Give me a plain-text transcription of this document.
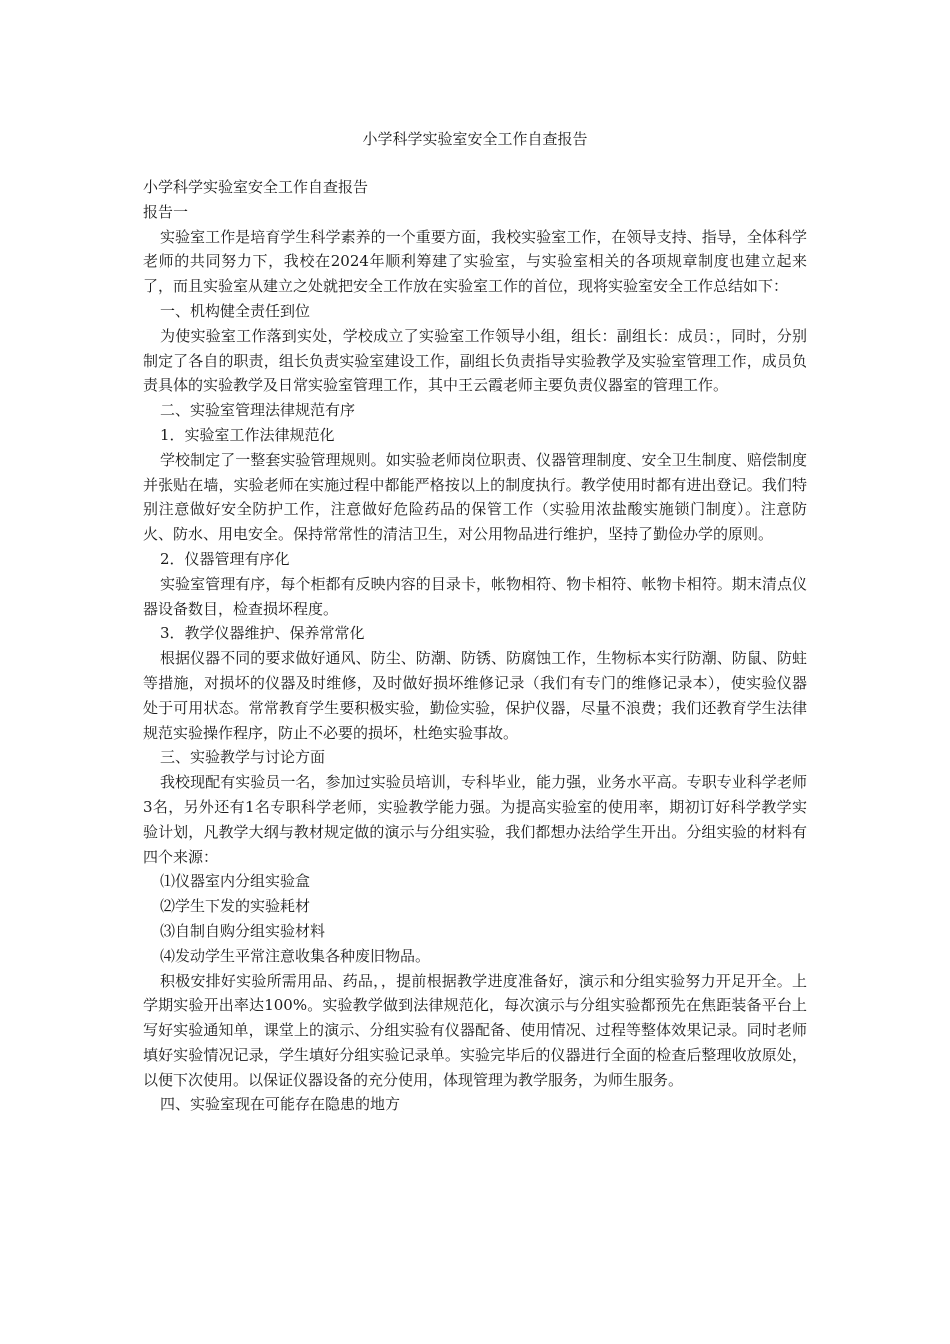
小学科学实验室安全工作自查报告

小学科学实验室安全工作自查报告

报告一

实验室工作是培育学生科学素养的一个重要方面，我校实验室工作，在领导支持、指导，全体科学老师的共同努力下，我校在2024年顺利筹建了实验室，与实验室相关的各项规章制度也建立起来了，而且实验室从建立之处就把安全工作放在实验室工作的首位，现将实验室安全工作总结如下：

一、机构健全责任到位

为使实验室工作落到实处，学校成立了实验室工作领导小组，组长：副组长：成员：，同时，分别制定了各自的职责，组长负责实验室建设工作，副组长负责指导实验教学及实验室管理工作，成员负责具体的实验教学及日常实验室管理工作，其中王云霞老师主要负责仪器室的管理工作。

二、实验室管理法律规范有序

1．实验室工作法律规范化

学校制定了一整套实验管理规则。如实验老师岗位职责、仪器管理制度、安全卫生制度、赔偿制度并张贴在墙，实验老师在实施过程中都能严格按以上的制度执行。教学使用时都有进出登记。我们特别注意做好安全防护工作，注意做好危险药品的保管工作（实验用浓盐酸实施锁门制度）。注意防火、防水、用电安全。保持常常性的清洁卫生，对公用物品进行维护，坚持了勤俭办学的原则。

2．仪器管理有序化

实验室管理有序，每个柜都有反映内容的目录卡，帐物相符、物卡相符、帐物卡相符。期末清点仪器设备数目，检查损坏程度。

3．教学仪器维护、保养常常化

根据仪器不同的要求做好通风、防尘、防潮、防锈、防腐蚀工作，生物标本实行防潮、防鼠、防蛀等措施，对损坏的仪器及时维修，及时做好损坏维修记录（我们有专门的维修记录本），使实验仪器处于可用状态。常常教育学生要积极实验，勤俭实验，保护仪器，尽量不浪费；我们还教育学生法律规范实验操作程序，防止不必要的损坏，杜绝实验事故。

三、实验教学与讨论方面

我校现配有实验员一名，参加过实验员培训，专科毕业，能力强，业务水平高。专职专业科学老师3名，另外还有1名专职科学老师，实验教学能力强。为提高实验室的使用率，期初订好科学教学实验计划，凡教学大纲与教材规定做的演示与分组实验，我们都想办法给学生开出。分组实验的材料有四个来源：

⑴仪器室内分组实验盒

⑵学生下发的实验耗材

⑶自制自购分组实验材料

⑷发动学生平常注意收集各种废旧物品。

积极安排好实验所需用品、药品，，提前根据教学进度准备好，演示和分组实验努力开足开全。上学期实验开出率达100%。实验教学做到法律规范化，每次演示与分组实验都预先在焦距装备平台上写好实验通知单，课堂上的演示、分组实验有仪器配备、使用情况、过程等整体效果记录。同时老师填好实验情况记录，学生填好分组实验记录单。实验完毕后的仪器进行全面的检查后整理收放原处，以便下次使用。以保证仪器设备的充分使用，体现管理为教学服务，为师生服务。

四、实验室现在可能存在隐患的地方
